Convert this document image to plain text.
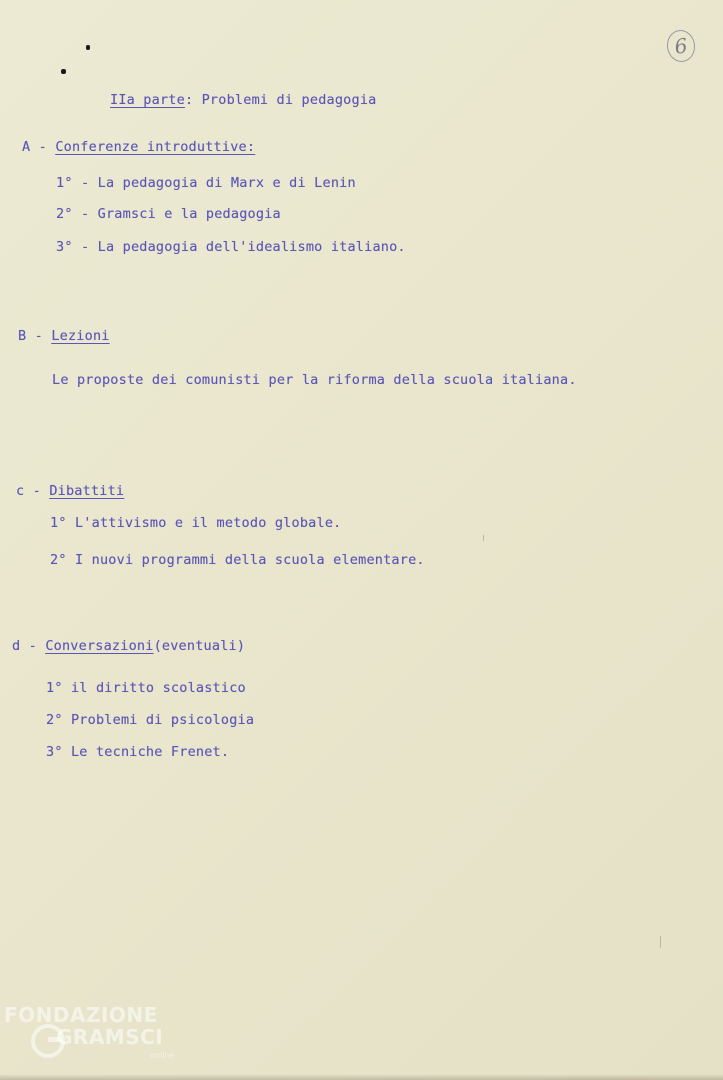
6
IIa parte: Problemi di pedagogia
A - Conferenze introduttive:
1° - La pedagogia di Marx e di Lenin
2° - Gramsci e la pedagogia
3° - La pedagogia dell'idealismo italiano.
B - Lezioni
Le proposte dei comunisti per la riforma della scuola italiana.
c - Dibattiti
1° L'attivismo e il metodo globale.
2° I nuovi programmi della scuola elementare.
d - Conversazioni(eventuali)
1° il diritto scolastico
2° Problemi di psicologia
3° Le tecniche Frenet.
FONDAZIONE
GRAMSCI
online
